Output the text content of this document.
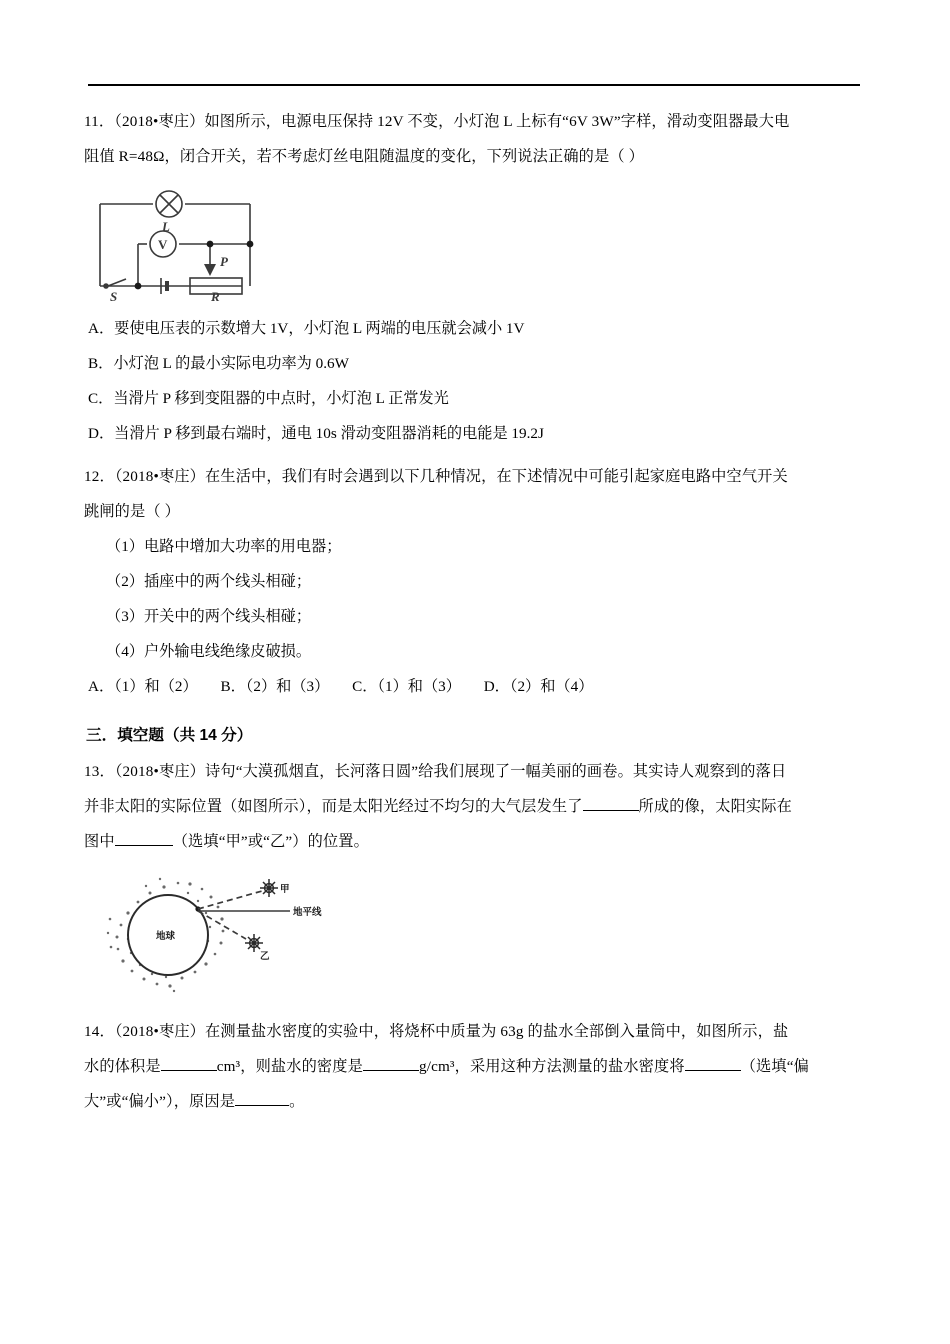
11．（2018•枣庄）如图所示，电源电压保持 12V 不变，小灯泡 L 上标有“6V 3W”字样，滑动变阻器最大电

阻值 R=48Ω，闭合开关，若不考虑灯丝电阻随温度的变化，下列说法正确的是（ ）

L
V
S
P
R

A．要使电压表的示数增大 1V，小灯泡 L 两端的电压就会减小 1V

B．小灯泡 L 的最小实际电功率为 0.6W

C．当滑片 P 移到变阻器的中点时，小灯泡 L 正常发光

D．当滑片 P 移到最右端时，通电 10s 滑动变阻器消耗的电能是 19.2J

12．（2018•枣庄）在生活中，我们有时会遇到以下几种情况，在下述情况中可能引起家庭电路中空气开关

跳闸的是（ ）

（1）电路中增加大功率的用电器；

（2）插座中的两个线头相碰；

（3）开关中的两个线头相碰；

（4）户外输电线绝缘皮破损。

A．（1）和（2）      B．（2）和（3）      C．（1）和（3）      D．（2）和（4）

三．填空题（共 14 分）

13．（2018•枣庄）诗句“大漠孤烟直，长河落日圆”给我们展现了一幅美丽的画卷。其实诗人观察到的落日

并非太阳的实际位置（如图所示），而是太阳光经过不均匀的大气层发生了	所成的像，太阳实际在

图中	（选填“甲”或“乙”）的位置。

地球
甲
地平线
乙

14．（2018•枣庄）在测量盐水密度的实验中，将烧杯中质量为 63g 的盐水全部倒入量筒中，如图所示，盐

水的体积是	cm³，则盐水的密度是	g/cm³，采用这种方法测量的盐水密度将	（选填“偏

大”或“偏小”），原因是	。
